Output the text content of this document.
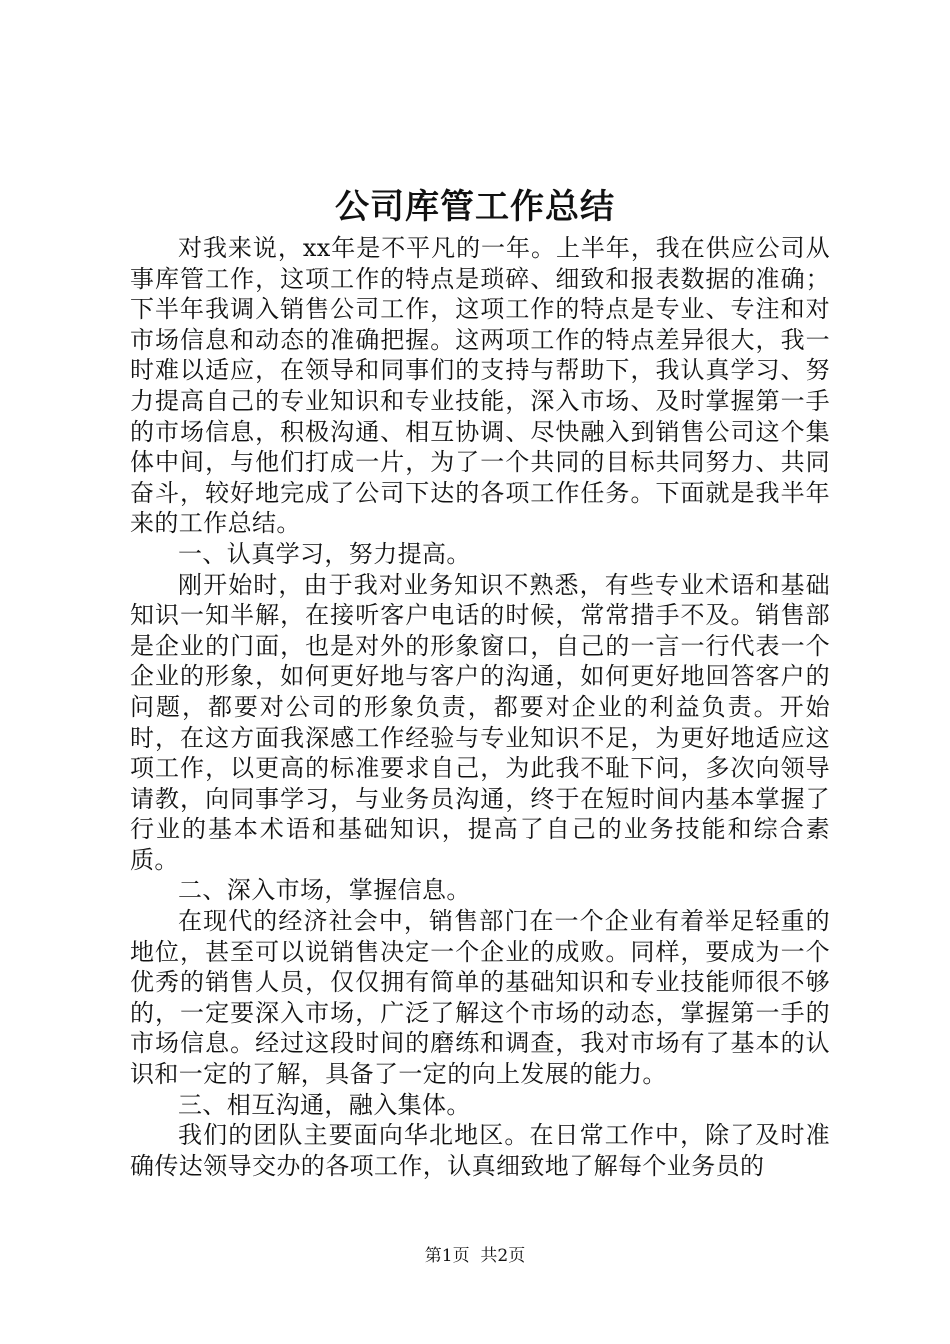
公司库管工作总结

对我来说，xx年是不平凡的一年。上半年，我在供应公司从事库管工作，这项工作的特点是琐碎、细致和报表数据的准确；下半年我调入销售公司工作，这项工作的特点是专业、专注和对市场信息和动态的准确把握。这两项工作的特点差异很大，我一时难以适应，在领导和同事们的支持与帮助下，我认真学习、努力提高自己的专业知识和专业技能，深入市场、及时掌握第一手的市场信息，积极沟通、相互协调、尽快融入到销售公司这个集体中间，与他们打成一片，为了一个共同的目标共同努力、共同奋斗，较好地完成了公司下达的各项工作任务。下面就是我半年来的工作总结。

一、认真学习，努力提高。

刚开始时，由于我对业务知识不熟悉，有些专业术语和基础知识一知半解，在接听客户电话的时候，常常措手不及。销售部是企业的门面，也是对外的形象窗口，自己的一言一行代表一个企业的形象，如何更好地与客户的沟通，如何更好地回答客户的问题，都要对公司的形象负责，都要对企业的利益负责。开始时，在这方面我深感工作经验与专业知识不足，为更好地适应这项工作，以更高的标准要求自己，为此我不耻下问，多次向领导请教，向同事学习，与业务员沟通，终于在短时间内基本掌握了行业的基本术语和基础知识，提高了自己的业务技能和综合素质。

二、深入市场，掌握信息。

在现代的经济社会中，销售部门在一个企业有着举足轻重的地位，甚至可以说销售决定一个企业的成败。同样，要成为一个优秀的销售人员，仅仅拥有简单的基础知识和专业技能师很不够的，一定要深入市场，广泛了解这个市场的动态，掌握第一手的市场信息。经过这段时间的磨练和调查，我对市场有了基本的认识和一定的了解，具备了一定的向上发展的能力。

三、相互沟通，融入集体。

我们的团队主要面向华北地区。在日常工作中，除了及时准确传达领导交办的各项工作，认真细致地了解每个业务员的

第1页  共2页
